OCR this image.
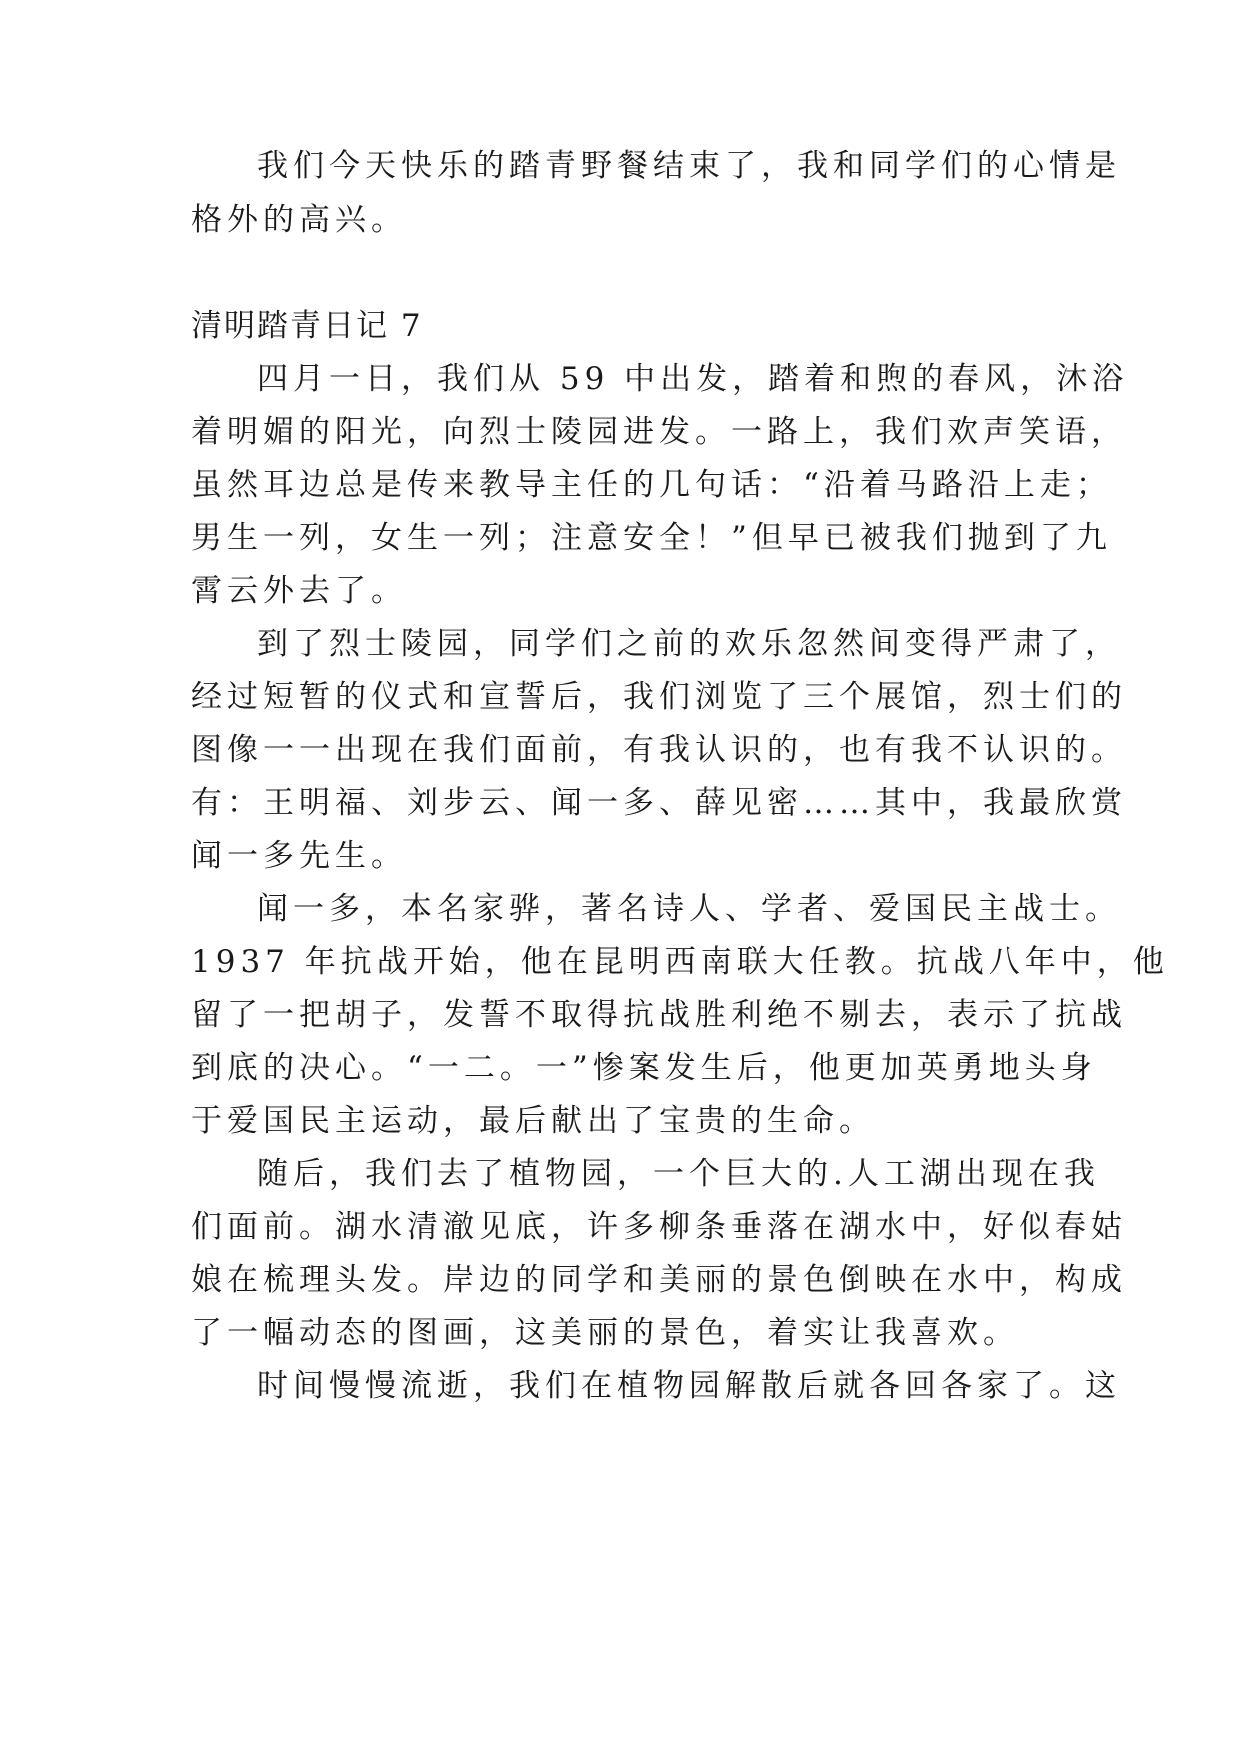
我们今天快乐的踏青野餐结束了，我和同学们的心情是
格外的高兴。
清明踏青日记 7
四月一日，我们从 59 中出发，踏着和煦的春风，沐浴
着明媚的阳光，向烈士陵园进发。一路上，我们欢声笑语，
虽然耳边总是传来教导主任的几句话：“沿着马路沿上走；
男生一列，女生一列；注意安全！”但早已被我们抛到了九
霄云外去了。
到了烈士陵园，同学们之前的欢乐忽然间变得严肃了，
经过短暂的仪式和宣誓后，我们浏览了三个展馆，烈士们的
图像一一出现在我们面前，有我认识的，也有我不认识的。
有：王明福、刘步云、闻一多、薛见密……其中，我最欣赏
闻一多先生。
闻一多，本名家骅，著名诗人、学者、爱国民主战士。
1937 年抗战开始，他在昆明西南联大任教。抗战八年中，他
留了一把胡子，发誓不取得抗战胜利绝不剔去，表示了抗战
到底的决心。“一二。一”惨案发生后，他更加英勇地头身
于爱国民主运动，最后献出了宝贵的生命。
随后，我们去了植物园，一个巨大的.人工湖出现在我
们面前。湖水清澈见底，许多柳条垂落在湖水中，好似春姑
娘在梳理头发。岸边的同学和美丽的景色倒映在水中，构成
了一幅动态的图画，这美丽的景色，着实让我喜欢。
时间慢慢流逝，我们在植物园解散后就各回各家了。这
